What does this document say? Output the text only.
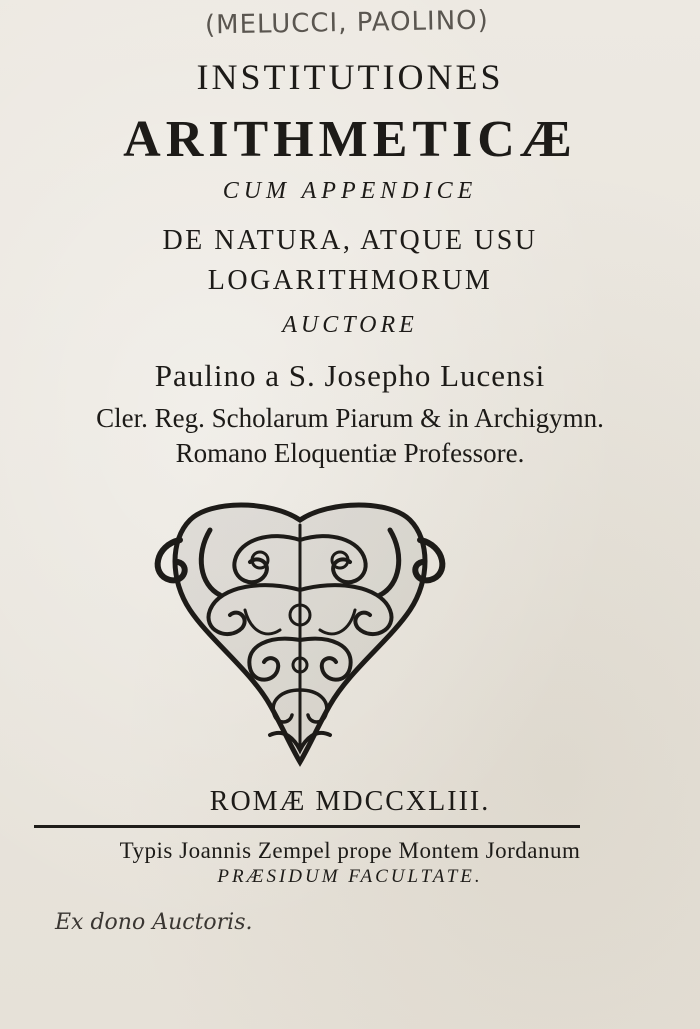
(MELUCCI, PAOLINO)
INSTITUTIONES
ARITHMETICÆ
CUM APPENDICE
DE NATURA, ATQUE USU
LOGARITHMORUM
AUCTORE
Paulino a S. Josepho Lucensi
Cler. Reg. Scholarum Piarum & in Archigymn.
Romano Eloquentiæ Professore.
ROMÆ MDCCXLIII.
Typis Joannis Zempel prope Montem Jordanum
PRÆSIDUM FACULTATE.
Ex dono Auctoris.
